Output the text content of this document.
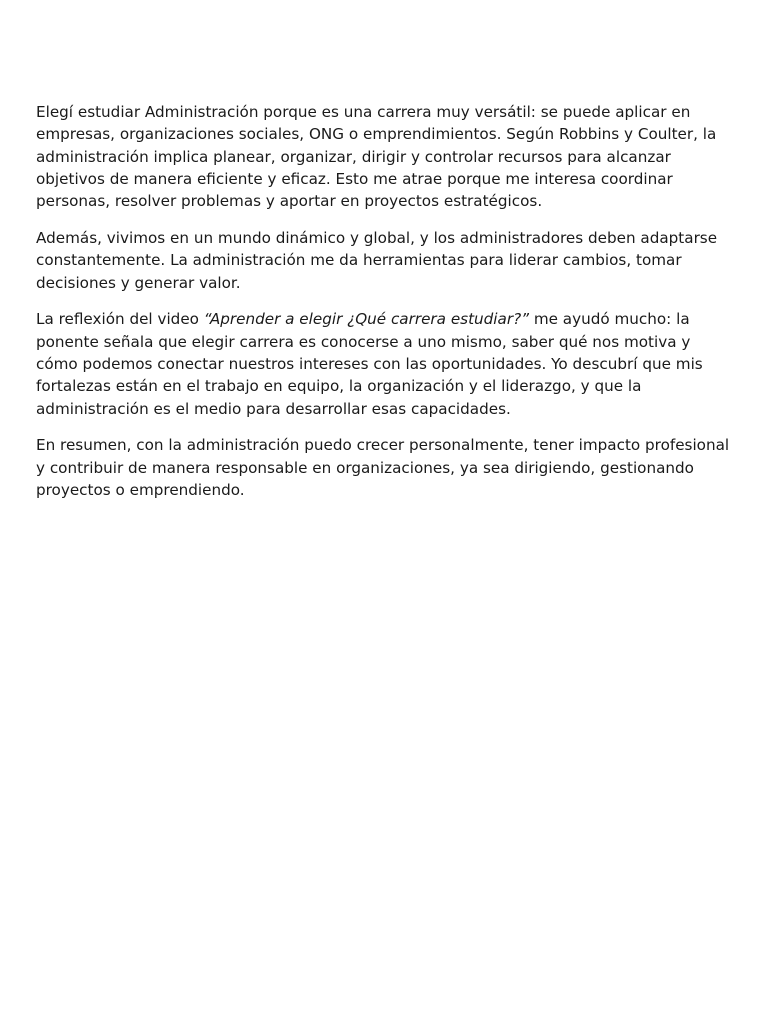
Elegí estudiar Administración porque es una carrera muy versátil: se puede aplicar en empresas, organizaciones sociales, ONG o emprendimientos. Según Robbins y Coulter, la administración implica planear, organizar, dirigir y controlar recursos para alcanzar objetivos de manera eficiente y eficaz. Esto me atrae porque me interesa coordinar personas, resolver problemas y aportar en proyectos estratégicos.

Además, vivimos en un mundo dinámico y global, y los administradores deben adaptarse constantemente. La administración me da herramientas para liderar cambios, tomar decisiones y generar valor.

La reflexión del video “Aprender a elegir ¿Qué carrera estudiar?” me ayudó mucho: la ponente señala que elegir carrera es conocerse a uno mismo, saber qué nos motiva y cómo podemos conectar nuestros intereses con las oportunidades. Yo descubrí que mis fortalezas están en el trabajo en equipo, la organización y el liderazgo, y que la administración es el medio para desarrollar esas capacidades.

En resumen, con la administración puedo crecer personalmente, tener impacto profesional y contribuir de manera responsable en organizaciones, ya sea dirigiendo, gestionando proyectos o emprendiendo.
